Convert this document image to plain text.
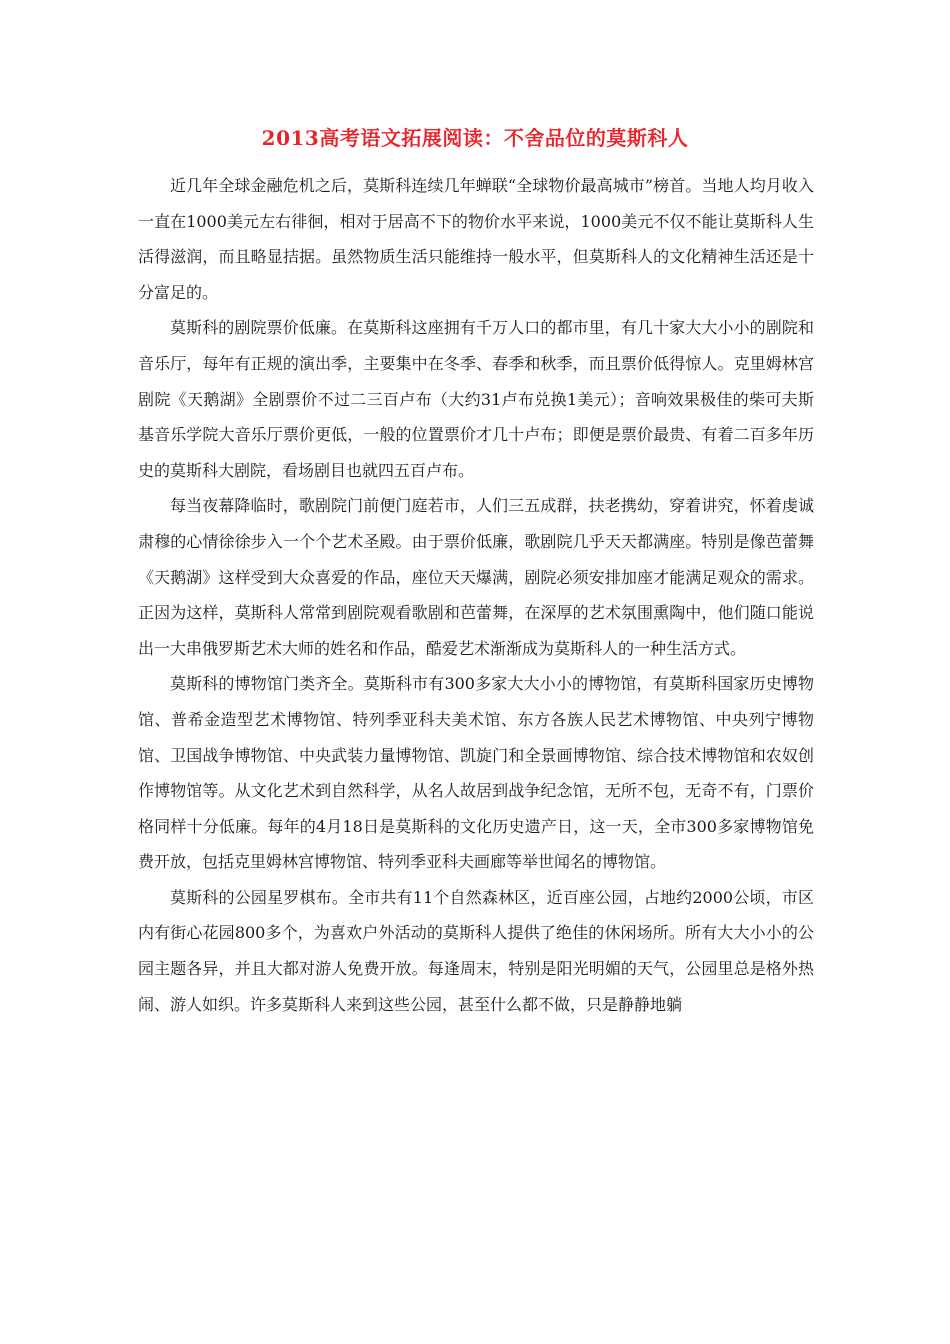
2013高考语文拓展阅读：不舍品位的莫斯科人

近几年全球金融危机之后，莫斯科连续几年蝉联“全球物价最高城市”榜首。当地人均月收入一直在1000美元左右徘徊，相对于居高不下的物价水平来说，1000美元不仅不能让莫斯科人生活得滋润，而且略显拮据。虽然物质生活只能维持一般水平，但莫斯科人的文化精神生活还是十分富足的。

莫斯科的剧院票价低廉。在莫斯科这座拥有千万人口的都市里，有几十家大大小小的剧院和音乐厅，每年有正规的演出季，主要集中在冬季、春季和秋季，而且票价低得惊人。克里姆林宫剧院《天鹅湖》全剧票价不过二三百卢布（大约31卢布兑换1美元）；音响效果极佳的柴可夫斯基音乐学院大音乐厅票价更低，一般的位置票价才几十卢布；即便是票价最贵、有着二百多年历史的莫斯科大剧院，看场剧目也就四五百卢布。

每当夜幕降临时，歌剧院门前便门庭若市，人们三五成群，扶老携幼，穿着讲究，怀着虔诚肃穆的心情徐徐步入一个个艺术圣殿。由于票价低廉，歌剧院几乎天天都满座。特别是像芭蕾舞《天鹅湖》这样受到大众喜爱的作品，座位天天爆满，剧院必须安排加座才能满足观众的需求。正因为这样，莫斯科人常常到剧院观看歌剧和芭蕾舞，在深厚的艺术氛围熏陶中，他们随口能说出一大串俄罗斯艺术大师的姓名和作品，酷爱艺术渐渐成为莫斯科人的一种生活方式。

莫斯科的博物馆门类齐全。莫斯科市有300多家大大小小的博物馆，有莫斯科国家历史博物馆、普希金造型艺术博物馆、特列季亚科夫美术馆、东方各族人民艺术博物馆、中央列宁博物馆、卫国战争博物馆、中央武装力量博物馆、凯旋门和全景画博物馆、综合技术博物馆和农奴创作博物馆等。从文化艺术到自然科学，从名人故居到战争纪念馆，无所不包，无奇不有，门票价格同样十分低廉。每年的4月18日是莫斯科的文化历史遗产日，这一天，全市300多家博物馆免费开放，包括克里姆林宫博物馆、特列季亚科夫画廊等举世闻名的博物馆。

莫斯科的公园星罗棋布。全市共有11个自然森林区，近百座公园，占地约2000公顷，市区内有街心花园800多个，为喜欢户外活动的莫斯科人提供了绝佳的休闲场所。所有大大小小的公园主题各异，并且大都对游人免费开放。每逢周末，特别是阳光明媚的天气，公园里总是格外热闹、游人如织。许多莫斯科人来到这些公园，甚至什么都不做，只是静静地躺
